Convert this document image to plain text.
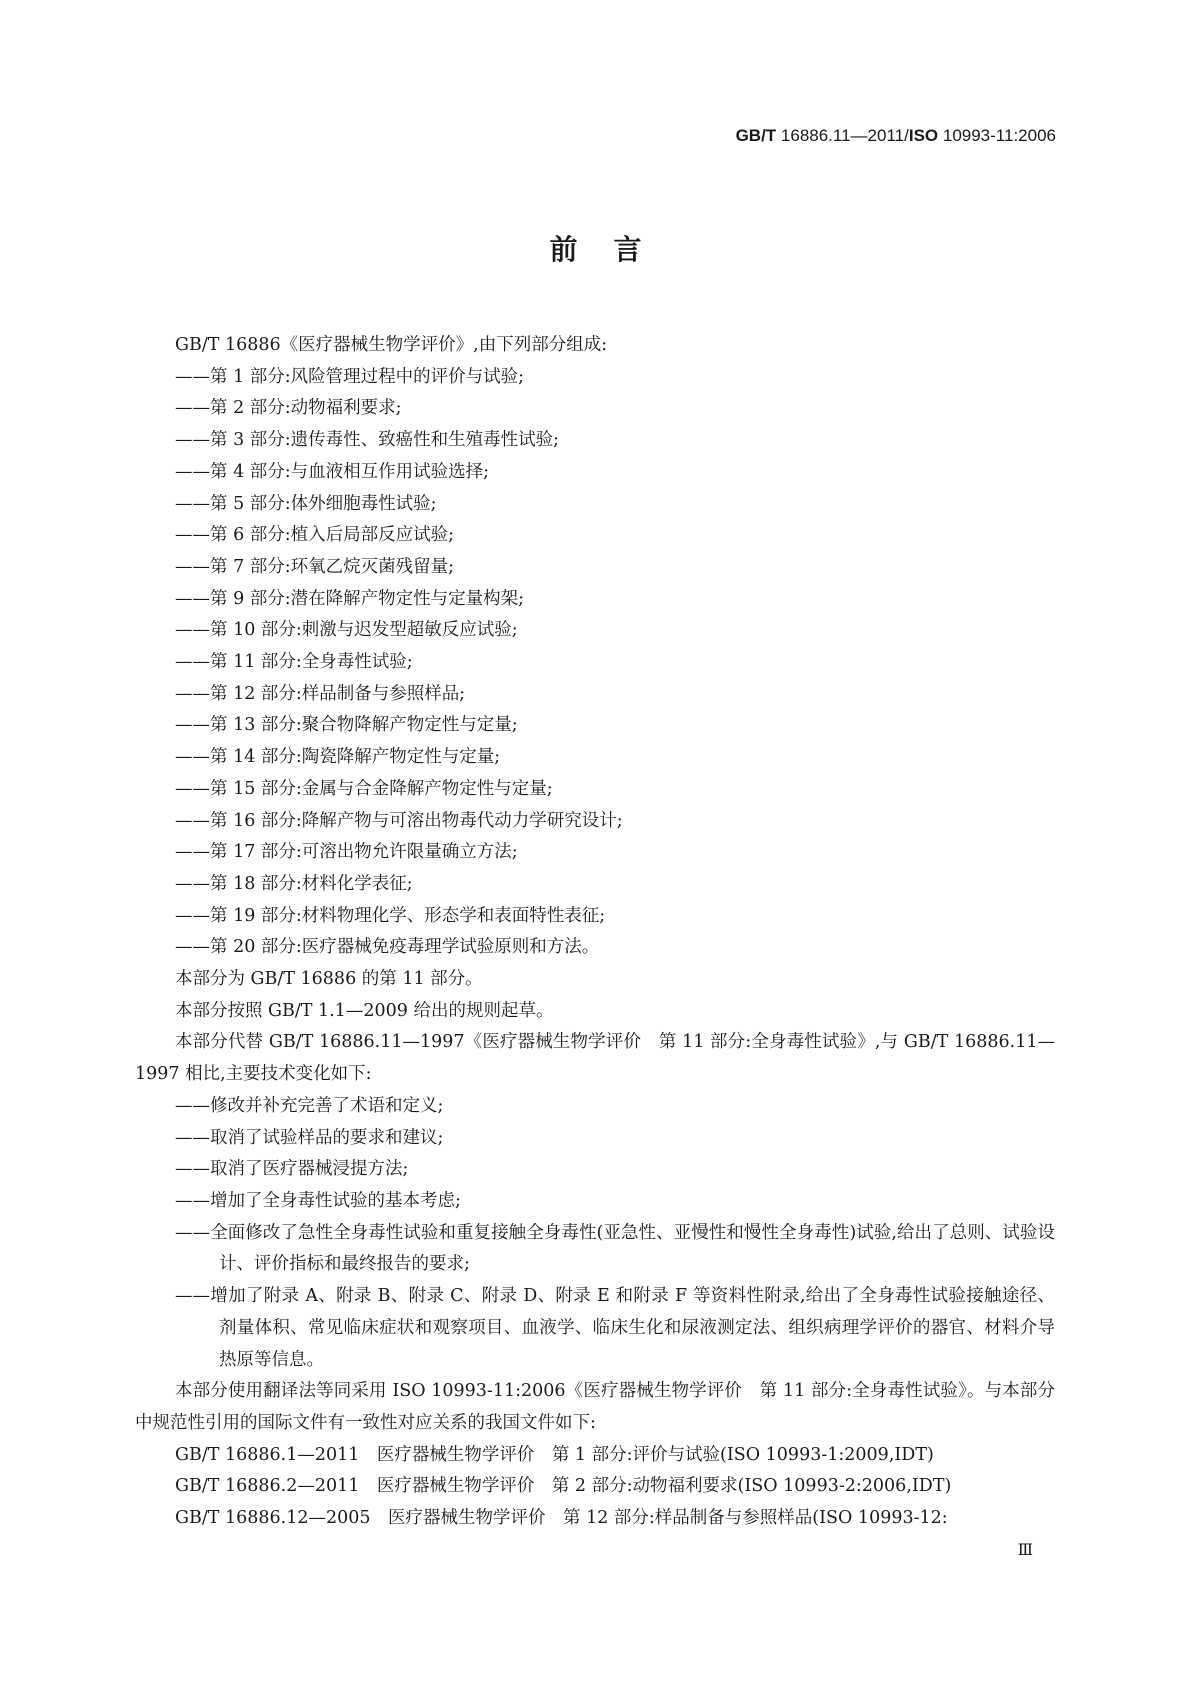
GB/T 16886.11—2011/ISO 10993-11:2006
前言

GB/T 16886《医疗器械生物学评价》,由下列部分组成:

——第 1 部分:风险管理过程中的评价与试验;

——第 2 部分:动物福利要求;

——第 3 部分:遗传毒性、致癌性和生殖毒性试验;

——第 4 部分:与血液相互作用试验选择;

——第 5 部分:体外细胞毒性试验;

——第 6 部分:植入后局部反应试验;

——第 7 部分:环氧乙烷灭菌残留量;

——第 9 部分:潜在降解产物定性与定量构架;

——第 10 部分:刺激与迟发型超敏反应试验;

——第 11 部分:全身毒性试验;

——第 12 部分:样品制备与参照样品;

——第 13 部分:聚合物降解产物定性与定量;

——第 14 部分:陶瓷降解产物定性与定量;

——第 15 部分:金属与合金降解产物定性与定量;

——第 16 部分:降解产物与可溶出物毒代动力学研究设计;

——第 17 部分:可溶出物允许限量确立方法;

——第 18 部分:材料化学表征;

——第 19 部分:材料物理化学、形态学和表面特性表征;

——第 20 部分:医疗器械免疫毒理学试验原则和方法。

本部分为 GB/T 16886 的第 11 部分。

本部分按照 GB/T 1.1—2009 给出的规则起草。

本部分代替 GB/T 16886.11—1997《医疗器械生物学评价　第 11 部分:全身毒性试验》,与 GB/T 16886.11—1997 相比,主要技术变化如下:

——修改并补充完善了术语和定义;

——取消了试验样品的要求和建议;

——取消了医疗器械浸提方法;

——增加了全身毒性试验的基本考虑;

——全面修改了急性全身毒性试验和重复接触全身毒性(亚急性、亚慢性和慢性全身毒性)试验,给出了总则、试验设计、评价指标和最终报告的要求;

——增加了附录 A、附录 B、附录 C、附录 D、附录 E 和附录 F 等资料性附录,给出了全身毒性试验接触途径、剂量体积、常见临床症状和观察项目、血液学、临床生化和尿液测定法、组织病理学评价的器官、材料介导热原等信息。

本部分使用翻译法等同采用 ISO 10993-11:2006《医疗器械生物学评价　第 11 部分:全身毒性试验》。与本部分中规范性引用的国际文件有一致性对应关系的我国文件如下:

GB/T 16886.1—2011　医疗器械生物学评价　第 1 部分:评价与试验(ISO 10993-1:2009,IDT)

GB/T 16886.2—2011　医疗器械生物学评价　第 2 部分:动物福利要求(ISO 10993-2:2006,IDT)

GB/T 16886.12—2005　医疗器械生物学评价　第 12 部分:样品制备与参照样品(ISO 10993-12:

Ⅲ
